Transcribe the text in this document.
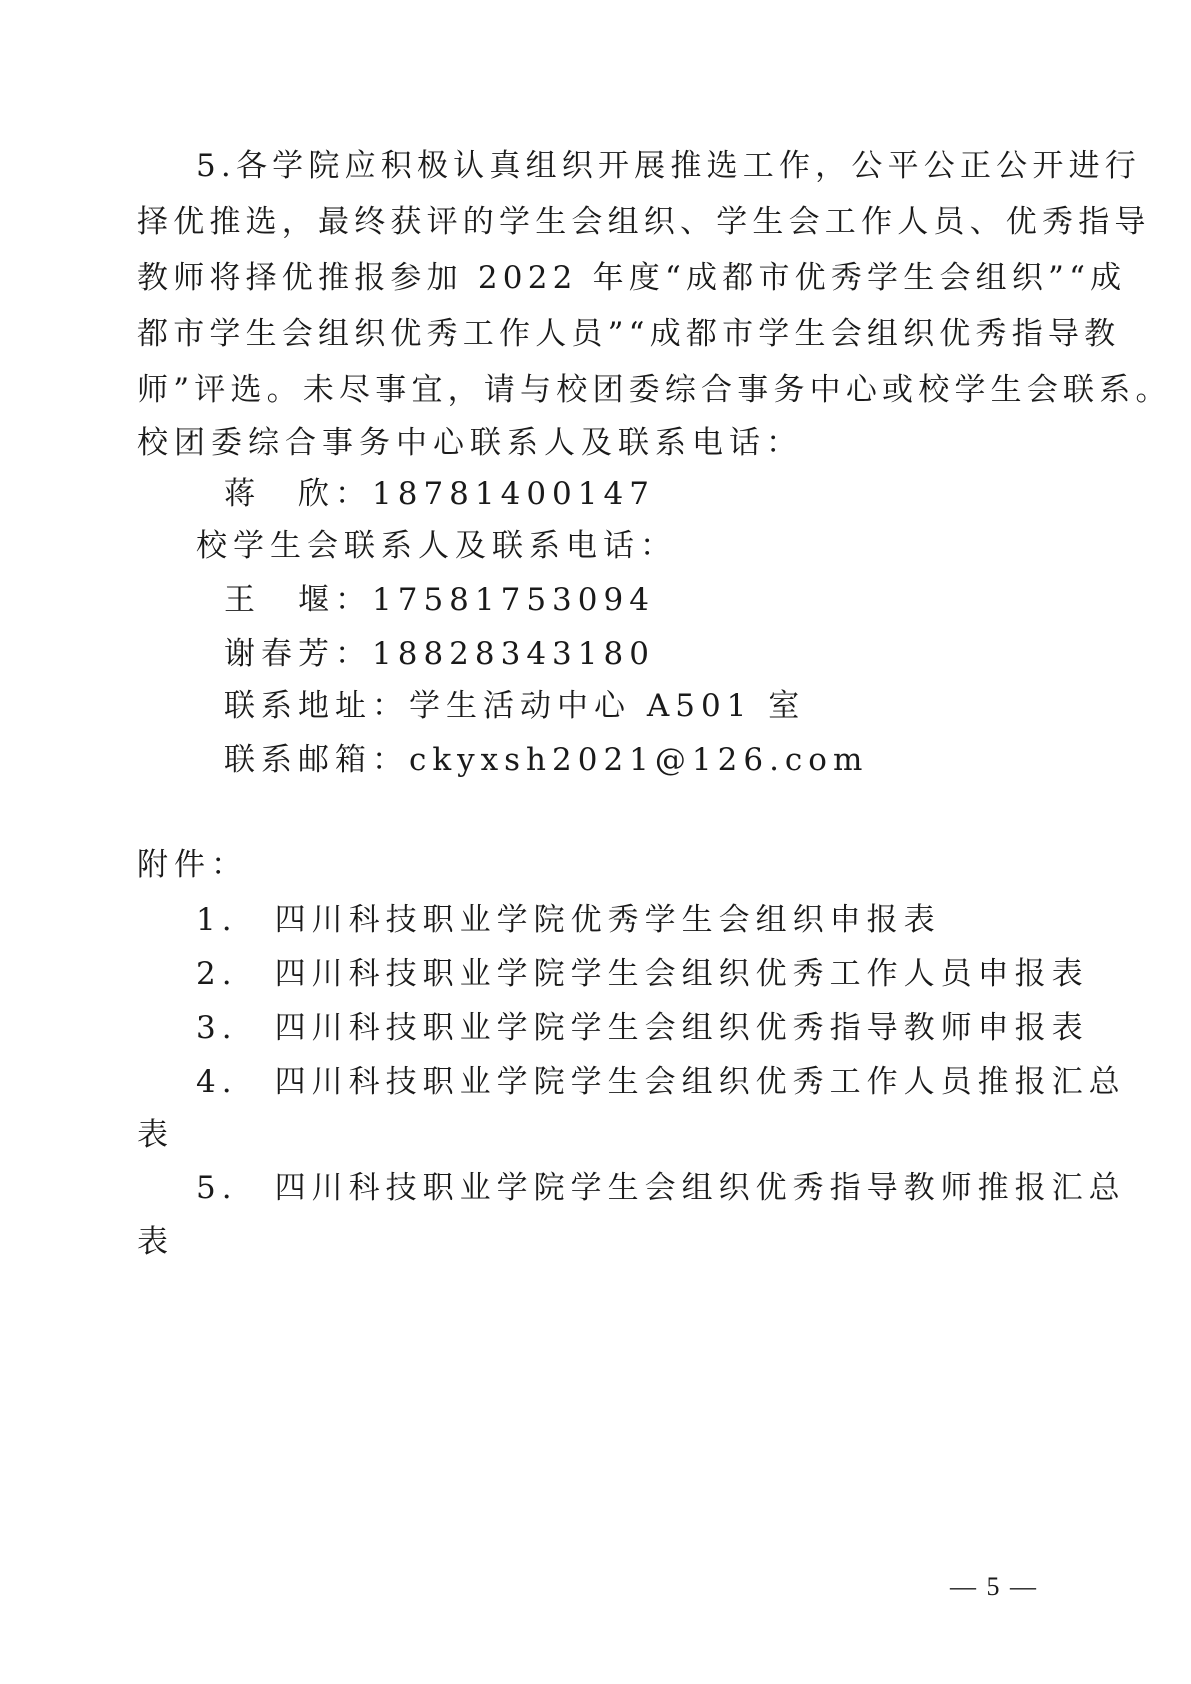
5.各学院应积极认真组织开展推选工作，公平公正公开进行
择优推选，最终获评的学生会组织、学生会工作人员、优秀指导
教师将择优推报参加 2022 年度“成都市优秀学生会组织”“成
都市学生会组织优秀工作人员”“成都市学生会组织优秀指导教
师”评选。未尽事宜，请与校团委综合事务中心或校学生会联系。
校团委综合事务中心联系人及联系电话：
蒋　欣：18781400147
校学生会联系人及联系电话：
王　堰：17581753094
谢春芳：18828343180
联系地址：学生活动中心 A501 室
联系邮箱：ckyxsh2021@126.com
附件：
1.　四川科技职业学院优秀学生会组织申报表
2.　四川科技职业学院学生会组织优秀工作人员申报表
3.　四川科技职业学院学生会组织优秀指导教师申报表
4.　四川科技职业学院学生会组织优秀工作人员推报汇总
表
5.　四川科技职业学院学生会组织优秀指导教师推报汇总
表
— 5 —
